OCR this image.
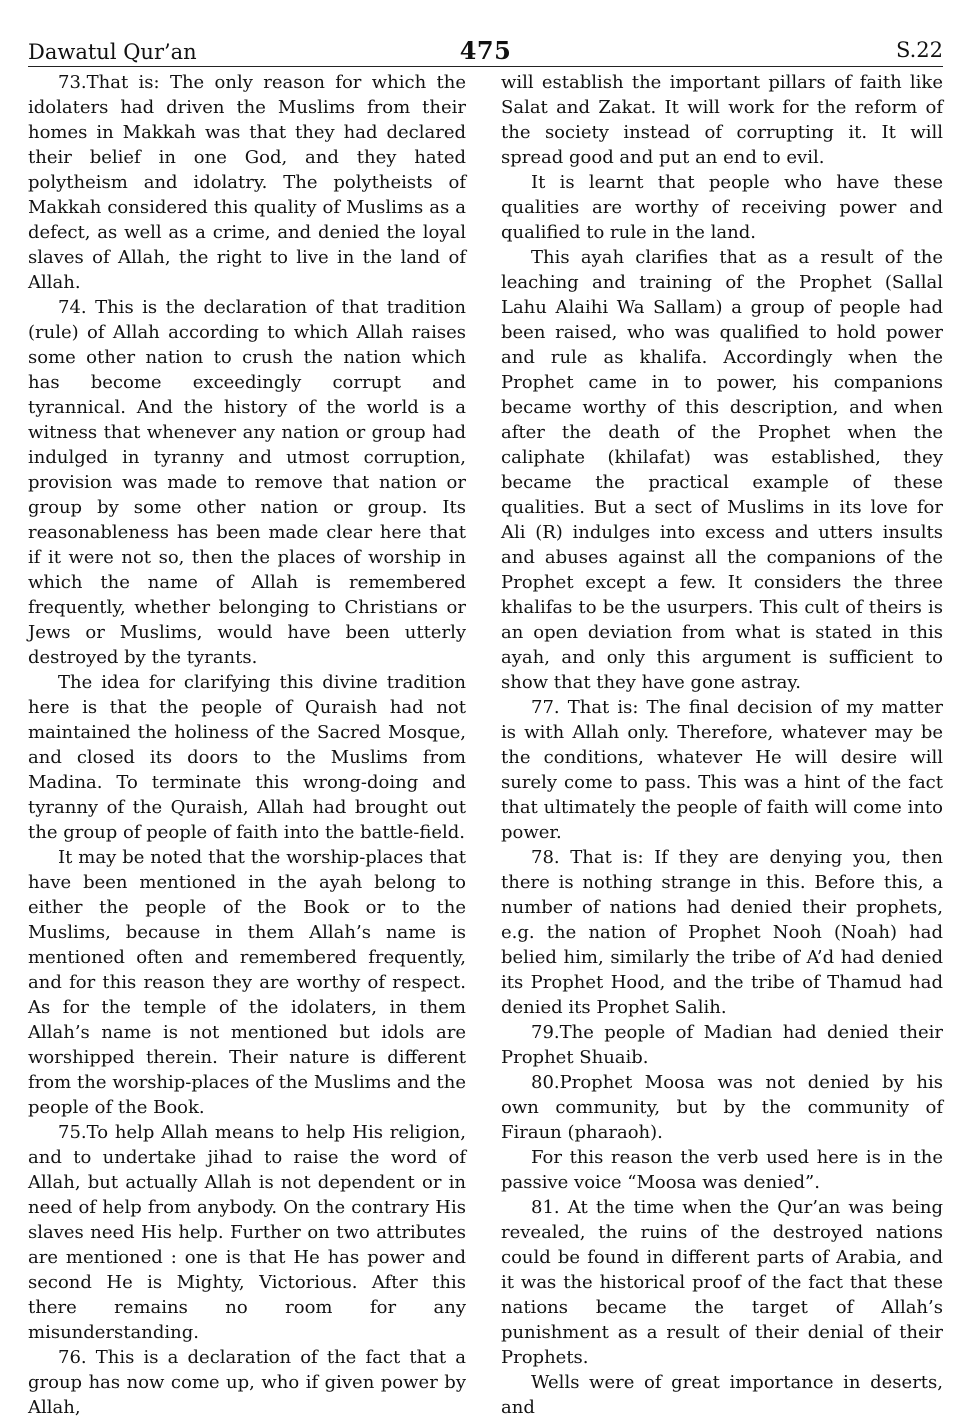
Dawatul Qur’an	475	S.22

73.That is: The only reason for which the idolaters had driven the Muslims from their homes in Makkah was that they had declared their belief in one God, and they hated polytheism and idolatry. The polytheists of Makkah considered this quality of Muslims as a defect, as well as a crime, and denied the loyal slaves of Allah, the right to live in the land of Allah.

74. This is the declaration of that tradition (rule) of Allah according to which Allah raises some other nation to crush the nation which has become exceedingly corrupt and tyrannical. And the history of the world is a witness that whenever any nation or group had indulged in tyranny and utmost corruption, provision was made to remove that nation or group by some other nation or group. Its reasonableness has been made clear here that if it were not so, then the places of worship in which the name of Allah is remembered frequently, whether belonging to Christians or Jews or Muslims, would have been utterly destroyed by the tyrants.

The idea for clarifying this divine tradition here is that the people of Quraish had not maintained the holiness of the Sacred Mosque, and closed its doors to the Muslims from Madina. To terminate this wrong-doing and tyranny of the Quraish, Allah had brought out the group of people of faith into the battle-field.

It may be noted that the worship-places that have been mentioned in the ayah belong to either the people of the Book or to the Muslims, because in them Allah’s name is mentioned often and remembered frequently, and for this reason they are worthy of respect. As for the temple of the idolaters, in them Allah’s name is not mentioned but idols are worshipped therein. Their nature is different from the worship-places of the Muslims and the people of the Book.

75.To help Allah means to help His religion, and to undertake jihad to raise the word of Allah, but actually Allah is not dependent or in need of help from anybody. On the contrary His slaves need His help. Further on two attributes are mentioned : one is that He has power and second He is Mighty, Victorious. After this there remains no room for any misunderstanding.

76. This is a declaration of the fact that a group has now come up, who if given power by Allah,

will establish the important pillars of faith like Salat and Zakat. It will work for the reform of the society instead of corrupting it. It will spread good and put an end to evil.

It is learnt that people who have these qualities are worthy of receiving power and qualified to rule in the land.

This ayah clarifies that as a result of the leaching and training of the Prophet (Sallal Lahu Alaihi Wa Sallam) a group of people had been raised, who was qualified to hold power and rule as khalifa. Accordingly when the Prophet came in to power, his companions became worthy of this description, and when after the death of the Prophet when the caliphate (khilafat) was established, they became the practical example of these qualities. But a sect of Muslims in its love for Ali (R) indulges into excess and utters insults and abuses against all the companions of the Prophet except a few. It considers the three khalifas to be the usurpers. This cult of theirs is an open deviation from what is stated in this ayah, and only this argument is sufficient to show that they have gone astray.

77. That is: The final decision of my matter is with Allah only. Therefore, whatever may be the conditions, whatever He will desire will surely come to pass. This was a hint of the fact that ultimately the people of faith will come into power.

78. That is: If they are denying you, then there is nothing strange in this. Before this, a number of nations had denied their prophets, e.g. the nation of Prophet Nooh (Noah) had belied him, similarly the tribe of A’d had denied its Prophet Hood, and the tribe of Thamud had denied its Prophet Salih.

79.The people of Madian had denied their Prophet Shuaib.

80.Prophet Moosa was not denied by his own community, but by the community of Firaun (pharaoh).

For this reason the verb used here is in the passive voice “Moosa was denied”.

81. At the time when the Qur’an was being revealed, the ruins of the destroyed nations could be found in different parts of Arabia, and it was the historical proof of the fact that these nations became the target of Allah’s punishment as a result of their denial of their Prophets.

Wells were of great importance in deserts, and
